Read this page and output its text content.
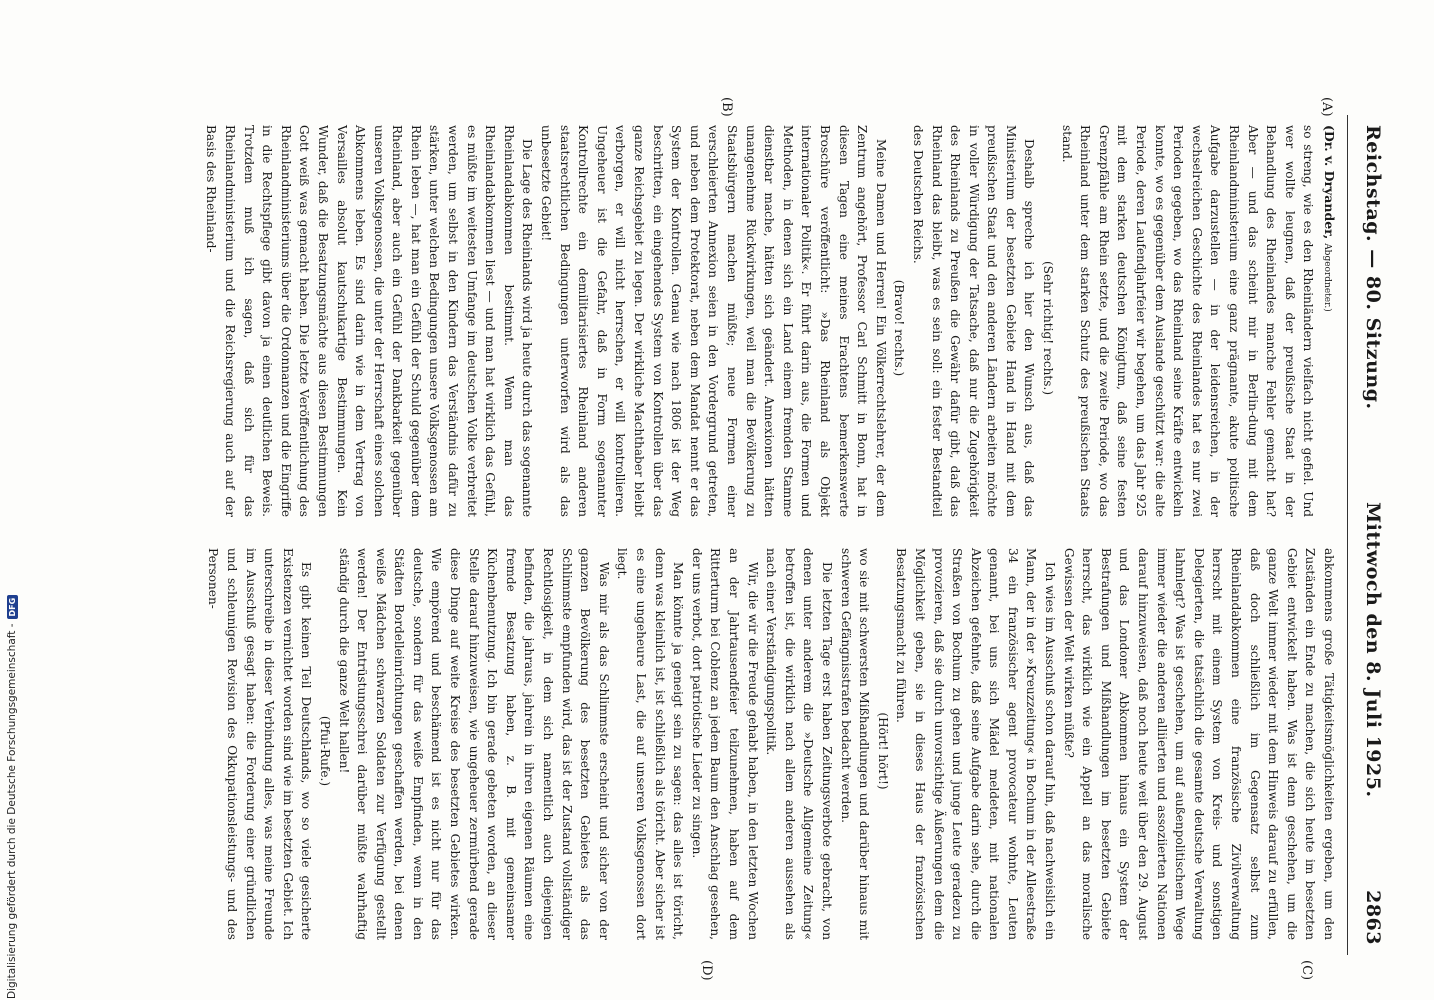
Reichstag. — 80. Sitzung.
Mittwoch den 8. Juli 1925.
2863
(A)
(B)
(C)
(D)

(Dr. v. Dryander, Abgeordneter.)

so streng, wie es den Rheinländern vielfach nicht gefiel. Und wer wollte leugnen, daß der preußische Staat in der Behandlung des Rheinlandes manche Fehler gemacht hat? Aber — und das scheint mir in Berlin-dung mit dem Rheinlandministerium eine ganz prägnante, akute politische Aufgabe darzustellen — in der leidensreichen, in der wechselreichen Geschichte des Rheinlandes hat es nur zwei Perioden gegeben, wo das Rheinland seine Kräfte entwickeln konnte, wo es gegenüber dem Auslande geschützt war: die alte Periode, deren Laufendjahrfeier wir begehen, um das Jahr 925 mit dem starken deutschen Königtum, daß seine festen Grenzpfähle am Rhein setzte, und die zweite Periode, wo das Rheinland unter dem starken Schutz des preußischen Staats stand.

(Sehr richtig! rechts.)

Deshalb spreche ich hier den Wunsch aus, daß das Ministerium der besetzten Gebiete Hand in Hand mit dem preußischen Staat und den anderen Ländern arbeiten möchte in voller Würdigung der Tatsache, daß nur die Zugehörigkeit des Rheinlands zu Preußen die Gewähr dafür gibt, daß das Rheinland das bleibt, was es sein soll: ein fester Bestandteil des Deutschen Reichs.

(Bravo! rechts.)

Meine Damen und Herren! Ein Völkerrechtslehrer, der dem Zentrum angehört, Professor Carl Schmitt in Bonn, hat in diesen Tagen eine meines Erachtens bemerkenswerte Broschüre veröffentlicht: »Das Rheinland als Objekt internationaler Politik«. Er führt darin aus, die Formen und Methoden, in denen sich ein Land einem fremden Stamme dienstbar mache, hätten sich geändert. Annexionen hätten unangenehme Rückwirkungen, weil man die Bevölkerung zu Staatsbürgern machen müßte; neue Formen einer verschleierten Annexion seien in den Vordergrund getreten, und neben dem Protektorat, neben dem Mandat nennt er das System der Kontrollen. Genau wie nach 1806 ist der Weg beschritten, ein eingehendes System von Kontrollen über das ganze Reichsgebiet zu legen. Der wirkliche Machthaber bleibt verborgen, er will nicht herrschen, er will kontrollieren. Ungeheuer ist die Gefahr, daß in Form sogenannter Kontrollrechte ein demilitarisiertes Rheinland anderen staatsrechtlichen Bedingungen unterworfen wird als das unbesetzte Gebiet!

Die Lage des Rheinlands wird ja heute durch das sogenannte Rheinlandabkommen bestimmt. Wenn man das Rheinlandabkommen liest — und man hat wirklich das Gefühl, es müßte im weitesten Umfange im deutschen Volke verbreitet werden, um selbst in den Kindern das Verständnis dafür zu stärken, unter welchen Bedingungen unsere Volksgenossen am Rhein leben —, hat man ein Gefühl der Schuld gegenüber dem Rheinland, aber auch ein Gefühl der Dankbarkeit gegenüber unseren Volksgenossen, die unter der Herrschaft eines solchen Abkommens leben. Es sind darin wie in dem Vertrag von Versailles absolut kautschukartige Bestimmungen. Kein Wunder, daß die Besatzungsmächte aus diesen Bestimmungen Gott weiß was gemacht haben. Die letzte Veröffentlichung des Rheinlandministeriums über die Ordonnanzen und die Eingriffe in die Rechtspflege gibt davon ja einen deutlichen Beweis. Trotzdem muß ich sagen, daß sich für das Rheinlandministerium und die Reichsregierung auch auf der Basis des Rheinland-

abkommens große Tätigkeitsmöglichkeiten ergeben, um den Zuständen ein Ende zu machen, die sich heute im besetzten Gebiet entwickelt haben. Was ist denn geschehen, um die ganze Welt immer wieder mit dem Hinweis darauf zu erfüllen, daß doch schließlich im Gegensatz selbst zum Rheinlandabkommen eine französische Zivilverwaltung herrscht mit einem System von Kreis- und sonstigen Delegierten, die tatsächlich die gesamte deutsche Verwaltung lahmlegt? Was ist geschehen, um auf außenpolitischem Wege immer wieder die anderen alliierten und assoziierten Nationen darauf hinzuweisen, daß noch heute weit über den 29. August und das Londoner Abkommen hinaus ein System der Bestrafungen und Mißhandlungen im besetzten Gebiete herrscht, das wirklich wie ein Appell an das moralische Gewissen der Welt wirken müßte?

Ich wies im Ausschuß schon darauf hin, daß nachweislich ein Mann, der in der »Kreuzzeitung« in Bochum in der Alleestraße 34 ein französischer agent provocateur wohnte, Leuten genannt, bei uns sich Mädel meldeten, mit nationalen Abzeichen gefehnte, daß seine Aufgabe darin sehe, durch die Straßen von Bochum zu gehen und junge Leute geradezu zu provozieren, daß sie durch unvorsichtige Äußerungen dem die Möglichkeit geben, sie in dieses Haus der französischen Besatzungsmacht zu führen.

(Hört! hört!)

wo sie mit schwersten Mißhandlungen und darüber hinaus mit schweren Gefängnisstrafen bedacht werden.

Die letzten Tage erst haben Zeitungsverbote gebracht, von denen unter anderem die »Deutsche Allgemeine Zeitung« betroffen ist, die wirklich nach allem anderen aussehen als nach einer Verständigungspolitik.

Wir, die wir die Freude gehabt haben, in den letzten Wochen an der Jahrtausendfeier teilzunehmen, haben auf dem Ritterturm bei Coblenz an jedem Baum den Anschlag gesehen, der uns verbot, dort patriotische Lieder zu singen.

Man könnte ja geneigt sein zu sagen: das alles ist töricht, denn was kleinlich ist, ist schließlich als töricht. Aber sicher ist es eine ungeheure Last, die auf unseren Volksgenossen dort liegt.

Was mir als das Schlimmste erscheint und sicher von der ganzen Bevölkerung des besetzten Gebietes als das Schlimmste empfunden wird, das ist der Zustand vollständiger Rechtlosigkeit, in dem sich namentlich auch diejenigen befinden, die jahraus, jahrein in ihren eigenen Räumen eine fremde Besatzung haben, z. B. mit gemeinsamer Küchenbenutzung. Ich bin gerade gebeten worden, an dieser Stelle darauf hinzuweisen, wie ungeheuer zermürbend gerade diese Dinge auf weite Kreise des besetzten Gebietes wirken. Wie empörend und beschämend ist es nicht nur für das deutsche, sondern für das weiße Empfinden, wenn in den Städten Bordelleinrichtungen geschaffen werden, bei denen weiße Mädchen schwarzen Soldaten zur Verfügung gestellt werden! Der Entrüstungsschrei darüber müßte wahrhaftig ständig durch die ganze Welt hallen!

(Pfui-Rufe.)

Es gibt keinen Teil Deutschlands, wo so viele gesicherte Existenzen vernichtet worden sind wie im besetzten Gebiet. Ich unterschreibe in dieser Verbindung alles, was meine Freunde im Ausschuß gesagt haben: die Forderung einer gründlichen und schleunigen Revision des Okkupationsleistungs- und des Personen-

Digitalisierung gefördert durch die Deutsche Forschungsgemeinschaft -
DFG
